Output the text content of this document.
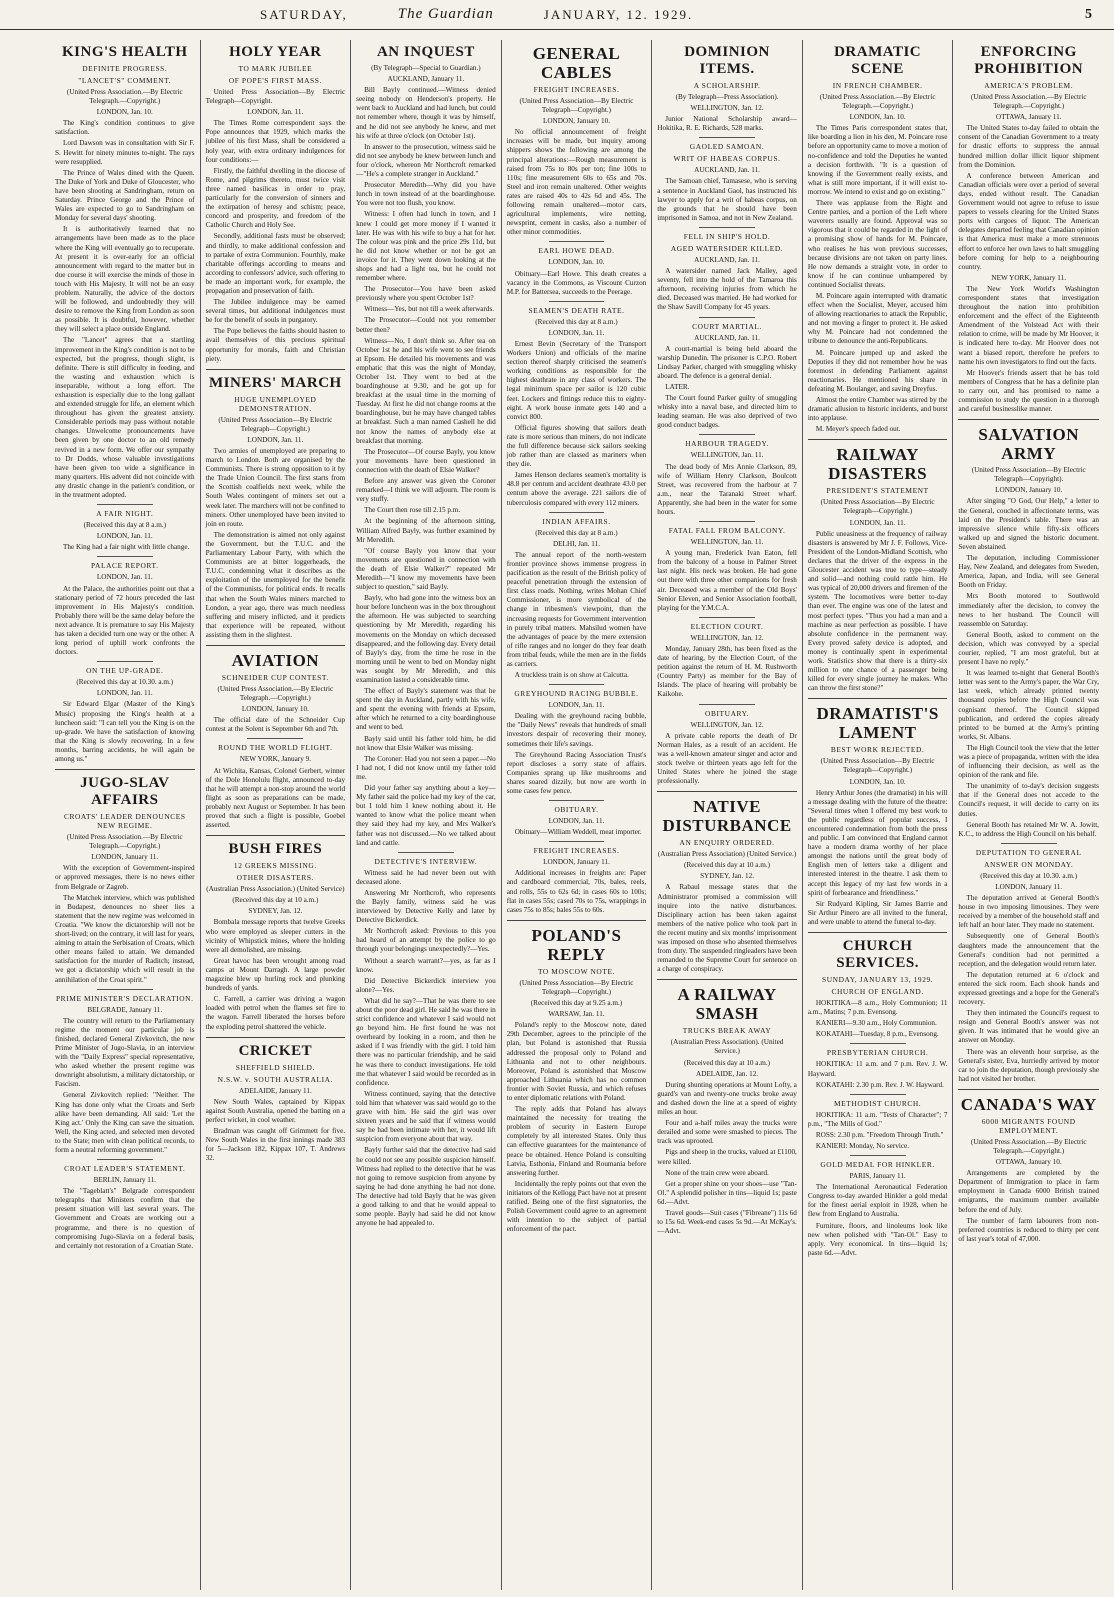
SATURDAY,	The Guardian	JANUARY, 12. 1929.	5
KING'S HEALTH
DEFINITE PROGRESS.
"LANCET'S" COMMENT.

(United Press Association.—By Electric Telegraph.—Copyright.)

LONDON, Jan. 10.

The King's condition continues to give satisfaction.

Lord Dawson was in consultation with Sir F. S. Hewitt for ninety minutes to-night. The rays were resupplied.

The Prince of Wales dined with the Queen. The Duke of York and Duke of Gloucester, who have been shooting at Sandringham, return on Saturday. Prince George and the Prince of Wales are expected to go to Sandringham on Monday for several days' shooting.

It is authoritatively learned that no arrangements have been made as to the place where the King will eventually go to recuperate. At present it is over-early for an official announcement with regard to the matter but in due course it will exercise the minds of those in touch with His Majesty. It will not be an easy problem. Naturally, the advice of the doctors will be followed, and undoubtedly they will desire to remove the King from London as soon as possible. It is doubtful, however, whether they will select a place outside England.

The "Lancet" agrees that a startling improvement in the King's condition is not to be expected, but the progress, though slight, is definite. There is still difficulty in feeding, and the wasting and exhaustion which is inseparable, without a long effort. The exhaustion is especially due to the long gallant and extended struggle for life, an element which throughout has given the greatest anxiety. Considerable periods may pass without notable changes. Unwelcome pronouncements have been given by one doctor to an old remedy revived in a new form. We offer our sympathy to Dr Dodds, whose valuable investigations have been given too wide a significance in many quarters. His advent did not coincide with any drastic change in the patient's condition, or in the treatment adopted.

A FAIR NIGHT.

(Received this day at 8 a.m.)

LONDON, Jan. 11.

The King had a fair night with little change.

PALACE REPORT.

LONDON, Jan. 11.

At the Palace, the authorities point out that a stationary period of 72 hours preceded the last improvement in His Majesty's condition. Probably there will be the same delay before the next advance. It is premature to say His Majesty has taken a decided turn one way or the other. A long period of uphill work confronts the doctors.

ON THE UP-GRADE.

(Received this day at 10.30. a.m.)

LONDON, Jan. 11.

Sir Edward Elgar (Master of the King's Music) proposing the King's health at a luncheon said: "I can tell you the King is on the up-grade. We have the satisfaction of knowing that the King is slowly recovering. In a few months, barring accidents, he will again be among us."

JUGO-SLAV AFFAIRS
CROATS' LEADER DENOUNCES NEW REGIME.

(United Press Association.—By Electric Telegraph.—Copyright.)

LONDON, January 11.

With the exception of Government-inspired or approved messages, there is no news either from Belgrade or Zagreb.

The Matchek interview, which was published in Budapest, denounces no sheer lies a statement that the new regime was welcomed in Croatia. "We know the dictatorship will not be short-lived; on the contrary, it will last for years, aiming to attain the Serbisation of Croats, which other means failed to attain. We demanded satisfaction for the murder of Raditch; instead, we got a dictatorship which will result in the annihilation of the Croat spirit."

PRIME MINISTER'S DECLARATION.

BELGRADE, January 11.

The country will return to the Parliamentary regime the moment our particular job is finished, declared General Zivkovitch, the new Prime Minister of Jugo-Slavia, in an interview with the "Daily Express" special representative, who asked whether the present regime was downright absolutism, a military dictatorship, or Fascism.

General Zivkovitch replied: "Neither. The King has done only what the Croats and Serb alike have been demanding. All said: 'Let the King act.' Only the King can save the situation. Well, the King acted, and selected men devoted to the State; men with clean political records, to form a neutral reforming government."

CROAT LEADER'S STATEMENT.

BERLIN, January 11.

The "Tageblatt's" Belgrade correspondent telegraphs that Ministers confirm that the present situation will last several years. The Government and Croats are working out a programme, and there is no question of compromising Jugo-Slavia on a federal basis, and certainly not restoration of a Croatian State.

HOLY YEAR
TO MARK JUBILEE
OF POPE'S FIRST MASS.

United Press Association—By Electric Telegraph—Copyright.

LONDON, Jan. 11.

The Times Rome correspondent says the Pope announces that 1929, which marks the jubilee of his first Mass, shall be considered a holy year, with extra ordinary indulgences for four conditions:—

Firstly, the faithful dwelling in the diocese of Rome, and pilgrims thereto, must twice visit three named basilicas in order to pray, particularly for the conversion of sinners and the extirpation of heresy and schism; peace, concord and prosperity, and freedom of the Catholic Church and Holy See.

Secondly, additional fasts must be observed; and thirdly, to make additional confession and to partake of extra Communion. Fourthly, make charitable offerings according to means and according to confessors' advice, such offering to be made an important work, for example, the propagation and preservation of faith.

The Jubilee indulgence may be earned several times, but additional indulgences must be for the benefit of souls in purgatory.

The Pope believes the faiths should hasten to avail themselves of this precious spiritual opportunity for morals, faith and Christian piety.

MINERS' MARCH
HUGE UNEMPLOYED DEMONSTRATION.

(United Press Association—By Electric Telegraph—Copyright.)

LONDON, Jan. 11.

Two armies of unemployed are preparing to march to London. Both are organised by the Communists. There is strong opposition to it by the Trade Union Council. The first starts from the Scottish coalfields next week, while the South Wales contingent of miners set out a week later. The marchers will not be confined to miners. Other unemployed have been invited to join en route.

The demonstration is aimed not only against the Government, but the T.U.C. and the Parliamentary Labour Party, with which the Communists are at bitter loggerheads, the T.U.C. condemning what it describes as the exploitation of the unemployed for the benefit of the Communists, for political ends. It recalls that when the South Wales miners marched to London, a year ago, there was much needless suffering and misery inflicted, and it predicts that experience will be repeated, without assisting them in the slightest.

AVIATION
SCHNEIDER CUP CONTEST.

(United Press Association.—By Electric Telegraph.—Copyright.)

LONDON, January 10.

The official date of the Schneider Cup contest at the Solent is September 6th and 7th.

ROUND THE WORLD FLIGHT.

NEW YORK, January 9.

At Wichita, Kansas, Colonel Gerbert, winner of the Dole Honolulu flight, announced to-day that he will attempt a non-stop around the world flight as soon as preparations can be made, probably next August or September. It has been proved that such a flight is possible, Goebel asserted.

BUSH FIRES
12 GREEKS MISSING.
OTHER DISASTERS.

(Australian Press Association.) (United Service)

(Received this day at 10 a.m.)

SYDNEY, Jan. 12.

Bombala message reports that twelve Greeks who were employed as sleeper cutters in the vicinity of Whipstick mines, where the holding were all demolished, are missing.

Great havoc has been wrought among road camps at Mount Darragh. A large powder magazine blew up hurling rock and plunking hundreds of yards.

C. Farrell, a carrier was driving a wagon loaded with petrol when the flames set fire to the wagon. Farrell liberated the horses before the exploding petrol shattered the vehicle.

CRICKET
SHEFFIELD SHIELD.
N.S.W. v. SOUTH AUSTRALIA.

ADELAIDE, January 11.

New South Wales, captained by Kippax against South Australia, opened the batting on a perfect wicket, in cool weather.

Bradman was caught off Grimmett for five. New South Wales in the first innings made 383 for 5—Jackson 182, Kippax 107, T. Andrews 32.

AN INQUEST

(By Telegraph—Special to Guardian.)

AUCKLAND, January 11.

Bill Bayly continued.—Witness denied seeing nobody on Henderson's property. He went back to Auckland and had lunch, but could not remember where, though it was by himself, and he did not see anybody he knew, and met his wife at three o'clock (on October 1st).

In answer to the prosecution, witness said he did not see anybody he knew between lunch and four o'clock, whereon Mr Northcroft remarked—"He's a complete stranger in Auckland."

Prosecutor Meredith—Why did you have lunch in town instead of at the boardinghouse. You were not too flush, you know.

Witness: I often had lunch in town, and I knew I could get more money if I wanted it later. He was with his wife to buy a hat for her. The colour was pink and the price 29s 11d, but he did not know whether or not he got an invoice for it. They went down looking at the shops and had a light tea, but he could not remember where.

The Prosecutor—You have been asked previously where you spent October 1st?

Witness—Yes, but not till a week afterwards.

The Prosecutor—Could not you remember better then?

Witness—No, I don't think so. After tea on October 1st he and his wife went to see friends at Epsom. He detailed his movements and was emphatic that this was the night of Monday, October 1st. They went to bed at the boardinghouse at 9.30, and he got up for breakfast at the usual time in the morning of Tuesday. At first he did not change rooms at the boardinghouse, but he may have changed tables at breakfast. Such a man named Cashell he did not know the names of anybody else at breakfast that morning.

The Prosecutor—Of course Bayly, you know your movements have been questioned in connection with the death of Elsie Walker?

Before any answer was given the Coroner remarked—I think we will adjourn. The room is very stuffy.

The Court then rose till 2.15 p.m.

At the beginning of the afternoon sitting, William Alfred Bayly, was further examined by Mr Meredith.

"Of course Bayly you know that your movements are questioned in connection with the death of Elsie Walker?" repeated Mr Meredith—"I know my movements have been subject to question," said Bayly.

Bayly, who had gone into the witness box an hour before luncheon was in the box throughout the afternoon. He was subjected to searching questioning by Mr Meredith, regarding his movements on the Monday on which deceased disappeared, and the following day. Every detail of Bayly's day, from the time he rose in the morning until he went to bed on Monday night was sought by Mr Meredith, and this examination lasted a considerable time.

The effect of Bayly's statement was that he spent the day in Auckland, partly with his wife, and spent the evening with friends at Epsom, after which he returned to a city boardinghouse and went to bed.

Bayly said until his father told him, he did not know that Elsie Walker was missing.

The Coroner: Had you not seen a paper.—No I had not, I did not know until my father told me.

Did your father say anything about a key—My father said the police had my key of the car, but I told him I knew nothing about it. He wanted to know what the police meant when they said they had my key, and Mrs Walker's father was not discussed.—No we talked about land and cattle.

DETECTIVE'S INTERVIEW.

Witness said he had never been out with deceased alone.

Answering Mr Northcroft, who represents the Bayly family, witness said he was interviewed by Detective Kelly and later by Detective Bickerdick.

Mr Northcroft asked: Previous to this you had heard of an attempt by the police to go through your belongings unexpectedly?—Yes.

Without a search warrant?—yes, as far as I know.

Did Detective Bickerdick interview you alone?—Yes.

What did he say?—That he was there to see about the poor dead girl. He said he was there in strict confidence and whatever I said would not go beyond him. He first found he was not overheard by looking in a room, and then he asked if I was friendly with the girl. I told him there was no particular friendship, and he said he was there to conduct investigations. He told me that whatever I said would be recorded as in confidence.

Witness continued, saying that the detective told him that whatever was said would go to the grave with him. He said the girl was over sixteen years and he said that if witness would say he had been intimate with her, it would lift suspicion from everyone about that way.

Bayly further said that the detective had said he could not see any possible suspicion himself. Witness had replied to the detective that he was not going to remove suspicion from anyone by saying he had done anything he had not done. The detective had told Bayly that he was given a good talking to and that he would appeal to some people. Bayly had said he did not know anyone he had appealed to.

GENERAL CABLES
FREIGHT INCREASES.

(United Press Association—By Electric Telegraph—Copyright.)

LONDON, January 10.

No official announcement of freight increases will be made, but inquiry among shippers shows the following are among the principal alterations:—Rough measurement is raised from 75s to 80s per ton; fine 100s to 110s; fine measurement 60s to 65s and 70s. Steel and iron remain unaltered. Other weights rates are raised 40s to 42s 6d and 45s. The following remain unaltered—motor cars, agricultural implements, wire netting, newsprint, cement in casks, also a number of other minor commodities.

EARL HOWE DEAD.

LONDON, Jan. 10.

Obituary—Earl Howe. This death creates a vacancy in the Commons, as Viscount Curzon M.P. for Battersea, succeeds to the Peerage.

SEAMEN'S DEATH RATE.

(Received this day at 8 a.m.)

LONDON, Jan. 11.

Ernest Bevin (Secretary of the Transport Workers Union) and officials of the marine section thereof sharply criticised the seamen's working conditions as responsible for the highest deathrate in any class of workers. The legal minimum space per sailor is 120 cubic feet. Lockers and fittings reduce this to eighty-eight. A work house inmate gets 140 and a convict 800.

Official figures showing that sailors death rate is more serious than miners, do not indicate the full difference because sick sailors seeking job rather than are classed as mariners when they die.

James Henson declares seamen's mortality is 48.8 per centum and accident deathrate 43.0 per centum above the average. 221 sailors die of tuberculosis compared with every 112 miners.

INDIAN AFFAIRS.

(Received this day at 8 a.m.)

DELHI, Jan. 11.

The annual report of the north-western frontier province shows immense progress in pacification as the result of the British policy of peaceful penetration through the extension of first class roads. Nothing, writes Mohan Chief Commissioner, is more symbolical of the change in tribesmen's viewpoint, than the increasing requests for Government intervention in purely tribal matters. Mahsilud women have the advantages of peace by the mere extension of rifle ranges and no longer do they fear death from tribal feuds, while the men are in the fields as carriers.

A truckless train is on show at Calcutta.

GREYHOUND RACING BUBBLE.

LONDON, Jan. 11.

Dealing with the greyhound racing bubble, the "Daily News" reveals that hundreds of small investors despair of recovering their money, sometimes their life's savings.

The Greyhound Racing Association Trust's report discloses a sorry state of affairs. Companies sprang up like mushrooms and shares soared dizzily, but now are worth in some cases few pence.

OBITUARY.

LONDON, Jan. 11.

Obituary—William Weddell, meat importer.

FREIGHT INCREASES.

LONDON, January 11.

Additional increases in freights are: Paper and cardboard commercial, 70s, bales, reels, and rolls, 55s to 62s 6d; in cases 60s to 100s; flat in cases 55s; cased 70s to 75s, wrappings in cases 75s to 85s; bales 55s to 60s.

POLAND'S REPLY
TO MOSCOW NOTE.

(United Press Association—By Electric Telegraph—Copyright.)

(Received this day at 9.25 a.m.)

WARSAW, Jan. 11.

Poland's reply to the Moscow note, dated 29th December, agrees to the principle of the plan, but Poland is astonished that Russia addressed the proposal only to Poland and Lithuania and not to other neighbours. Moreover, Poland is astonished that Moscow approached Lithuania which has no common frontier with Soviet Russia, and which refuses to enter diplomatic relations with Poland.

The reply adds that Poland has always maintained the necessity for treating the problem of security in Eastern Europe completely by all interested States. Only thus can effective guarantees for the maintenance of peace be obtained. Hence Poland is consulting Latvia, Esthonia, Finland and Roumania before answering further.

Incidentally the reply points out that even the initiators of the Kellogg Pact have not at present ratified. Being one of the first signatories, the Polish Government could agree to an agreement with intention to the subject of partial enforcement of the pact.

DOMINION ITEMS.
A SCHOLARSHIP.

(By Telegraph—Press Association).

WELLINGTON, Jan. 12.

Junior National Scholarship award—Hokitika, R. E. Richards, 528 marks.

GAOLED SAMOAN.
WRIT OF HABEAS CORPUS.

AUCKLAND, Jan. 11.

The Samoan chief, Tamasese, who is serving a sentence in Auckland Gaol, has instructed his lawyer to apply for a writ of habeas corpus, on the grounds that he should have been imprisoned in Samoa, and not in New Zealand.

FELL IN SHIP'S HOLD.
AGED WATERSIDER KILLED.

AUCKLAND, Jan. 11.

A watersider named Jack Malley, aged seventy, fell into the hold of the Tamaroa this afternoon, receiving injuries from which he died. Deceased was married. He had worked for the Shaw Savill Company for 45 years.

COURT MARTIAL.

AUCKLAND, Jan. 11.

A court-martial is being held aboard the warship Dunedin. The prisoner is C.P.O. Robert Lindsay Parker, charged with smuggling whisky aboard. The defence is a general denial.

LATER.

The Court found Parker guilty of smuggling whisky into a naval base, and directed him to leading seaman. He was also deprived of two good conduct badges.

HARBOUR TRAGEDY.

WELLINGTON, Jan. 11.

The dead body of Mrs Annie Clarkson, 89, wife of William Henry Clarkson, Boulcott Street, was recovered from the harbour at 7 a.m., near the Taranaki Street wharf. Apparently, she had been in the water for some hours.

FATAL FALL FROM BALCONY.

WELLINGTON, Jan. 11.

A young man, Frederick Ivan Eaton, fell from the balcony of a house in Palmer Street last night. His neck was broken. He had gone out there with three other companions for fresh air. Deceased was a member of the Old Boys' Senior Eleven, and Senior Association football, playing for the Y.M.C.A.

ELECTION COURT.

WELLINGTON, Jan. 12.

Monday, January 28th, has been fixed as the date of hearing, by the Election Court, of the petition against the return of H. M. Rushworth (Country Party) as member for the Bay of Islands. The place of hearing will probably be Kaikohe.

OBITUARY.

WELLINGTON, Jan. 12.

A private cable reports the death of Dr Norman Hales, as a result of an accident. He was a well-known amateur singer and actor and stock twelve or thirteen years ago left for the United States where he joined the stage professionally.

NATIVE DISTURBANCE
AN ENQUIRY ORDERED.

(Australian Press Association) (United Service.)

(Received this day at 10 a.m.)

SYDNEY, Jan. 12.

A Rabaul message states that the Administrator promised a commission will inquire into the native disturbances. Disciplinary action has been taken against members of the native police who took part in the recent mutiny and six months' imprisonment was imposed on those who absented themselves from duty. The suspended ringleaders have been remanded to the Supreme Court for sentence on a charge of conspiracy.

A RAILWAY SMASH
TRUCKS BREAK AWAY

(Australian Press Association). (United Service.)

(Received this day at 10 a.m.)

ADELAIDE, Jan. 12.

During shunting operations at Mount Lofty, a guard's van and twenty-one trucks broke away and dashed down the line at a speed of eighty miles an hour.

Four and a-half miles away the trucks were derailed and some were smashed to pieces. The track was uprooted.

Pigs and sheep in the trucks, valued at £1100, were killed.

None of the train crew were aboard.

Get a proper shine on your shoes—use "Tan-Ol." A splendid polisher in tins—liquid 1s; paste 6d.—Advt.

Travel goods—Suit cases ("Fibreane") 11s 6d to 15s 6d. Week-end cases 5s 9d.—At McKay's.—Advt.

DRAMATIC SCENE
IN FRENCH CHAMBER.

(United Press Association.—By Electric Telegraph.—Copyright.)

LONDON, Jan. 10.

The Times Paris correspondent states that, like boarding a lion in his den, M. Poincare rose before an opportunity came to move a motion of no-confidence and told the Deputies he wanted a decision forthwith. "It is a question of knowing if the Government really exists, and what is still more important, if it will exist to-morrow. We intend to exist and go on existing."

There was applause from the Right and Centre parties, and a portion of the Left where waverers usually are found. Approval was so vigorous that it could be regarded in the light of a promising show of hands for M. Poincare, who realises he has won previous successes, because divisions are not taken on party lines. He now demands a straight vote, in order to know if he can continue unhampered by continued Socialist threats.

M. Poincare again interrupted with dramatic effect when the Socialist, Meyer, accused him of allowing reactionaries to attack the Republic, and not moving a finger to protect it. He asked why M. Poincare had not condemned the tribune to denounce the anti-Republicans.

M. Poincare jumped up and asked the Deputies if they did not remember how he was foremost in defending Parliament against reactionaries. He mentioned his share in defeating M. Boulanger, and saving Dreyfus.

Almost the entire Chamber was stirred by the dramatic allusion to historic incidents, and burst into applause.

M. Meyer's speech faded out.

RAILWAY DISASTERS
PRESIDENT'S STATEMENT

(United Press Association—By Electric Telegraph—Copyright.)

LONDON, Jan. 11.

Public uneasiness at the frequency of railway disasters is answered by Mr J. F. Follows, Vice-President of the London-Midland Scottish, who declares that the driver of the express in the Gloucester accident was true to type—steady and solid—and nothing could rattle him. He was typical of 20,000 drivers and firemen of the system. The locomotives were better to-day than ever. The engine was one of the latest and most perfect types. "Thus you had a man and a machine as near perfection as possible. I have absolute confidence in the permanent way. Every proved safety device is adopted, and money is continually spent in experimental work. Statistics show that there is a thirty-six million to one chance of a passenger being killed for every single journey he makes. Who can throw the first stone?"

DRAMATIST'S LAMENT
BEST WORK REJECTED.

(United Press Association—By Electric Telegraph—Copyright.)

LONDON, Jan. 10.

Henry Arthur Jones (the dramatist) in his will a message dealing with the future of the theatre: "Several times when I offered my best work to the public regardless of popular success, I encountered condemnation from both the press and public. I am convinced that England cannot have a modern drama worthy of her place amongst the nations until the great body of English men of letters take a diligent and interested interest in the theatre. I ask them to accept this legacy of my last few words in a spirit of forbearance and friendliness."

Sir Rudyard Kipling, Sir James Barrie and Sir Arthur Pinero are all invited to the funeral, and were unable to attend the funeral to-day.

CHURCH SERVICES.
SUNDAY, JANUARY 13, 1929.
CHURCH OF ENGLAND.

HOKITIKA—8 a.m., Holy Communion; 11 a.m., Matins; 7 p.m. Evensong.

KANIERI—9.30 a.m., Holy Communion.

KOKATAHI—Tuesday, 8 p.m., Evensong.

PRESBYTERIAN CHURCH.

HOKITIKA: 11 a.m. and 7 p.m. Rev. J. W. Hayward.

KOKATAHI: 2.30 p.m. Rev. J. W. Hayward.

METHODIST CHURCH.

HOKITIKA: 11 a.m. "Tests of Character"; 7 p.m., "The Mills of God."

ROSS: 2.30 p.m. "Freedom Through Truth."

KANIERI: Monday, No service.

GOLD MEDAL FOR HINKLER.

PARIS, January 11.

The International Aeronautical Federation Congress to-day awarded Hinkler a gold medal for the finest aerial exploit in 1928, when he flew from England to Australia.

Furniture, floors, and linoleums look like new when polished with "Tan-Ol." Easy to apply. Very economical. In tins—liquid 1s; paste 6d.—Advt.

ENFORCING PROHIBITION
AMERICA'S PROBLEM.

(United Press Association.—By Electric Telegraph.—Copyright.)

OTTAWA, January 11.

The United States to-day failed to obtain the consent of the Canadian Government to a treaty for drastic efforts to suppress the annual hundred million dollar illicit liquor shipment from the Dominion.

A conference between American and Canadian officials were over a period of several days, ended without result. The Canadian Government would not agree to refuse to issue papers to vessels clearing for the United States ports with cargoes of liquor. The American delegates departed feeling that Canadian opinion is that America must make a more strenuous effort to enforce her own laws to halt smuggling before coming for help to a neighbouring country.

NEW YORK, January 11.

The New York World's Washington correspondent states that investigation throughout the nation into prohibition enforcement and the effect of the Eighteenth Amendment of the Volstead Act with their relation to crime, will be made by Mr Hoover, it is indicated here to-day. Mr Hoover does not want a biased report, therefore he prefers to name his own investigators to find out the facts.

Mr Hoover's friends assert that he has told members of Congress that he has a definite plan to carry out, and has promised to name a commission to study the question in a thorough and careful businesslike manner.

SALVATION ARMY

(United Press Association—By Electric Telegraph—Copyright).

LONDON, January 10.

After singing "O God, Our Help," a letter to the General, couched in affectionate terms, was laid on the President's table. There was an impressive silence while fifty-six officers walked up and signed the historic document. Seven abstained.

The deputation, including Commissioner Hay, New Zealand, and delegates from Sweden, America, Japan, and India, will see General Booth on Friday.

Mrs Booth motored to Southwold immediately after the decision, to convey the news to her husband. The Council will reassemble on Saturday.

General Booth, asked to comment on the decision, which was conveyed by a special courier, replied, "I am most grateful, but at present I have no reply."

It was learned to-night that General Booth's letter was sent to the Army's paper, the War Cry, last week, which already printed twenty thousand copies before the High Council was cognisant thereof. The Council skipped publication, and ordered the copies already printed to be burned at the Army's printing works, St. Albans.

The High Council took the view that the letter was a piece of propaganda, written with the idea of influencing their decision, as well as the opinion of the rank and file.

The unanimity of to-day's decision suggests that if the General does not accede to the Council's request, it will decide to carry on its duties.

General Booth has retained Mr W. A. Jowitt, K.C., to address the High Council on his behalf.

DEPUTATION TO GENERAL
ANSWER ON MONDAY.

(Received this day at 10.30. a.m.)

LONDON, January 11.

The deputation arrived at General Booth's house in two imposing limousines. They were received by a member of the household staff and left half an hour later. They made no statement.

Subsequently one of General Booth's daughters made the announcement that the General's condition had not permitted a reception, and the delegation would return later.

The deputation returned at 6 o'clock and entered the sick room. Each shook hands and expressed greetings and a hope for the General's recovery.

They then intimated the Council's request to resign and General Booth's answer was not given. It was intimated that he would give an answer on Monday.

There was an eleventh hour surprise, as the General's sister, Eva, hurriedly arrived by motor car to join the deputation, though previously she had not visited her brother.

CANADA'S WAY
6000 MIGRANTS FOUND EMPLOYMENT.

(United Press Association.—By Electric Telegraph.—Copyright.)

OTTAWA, January 10.

Arrangements are completed by the Department of Immigration to place in farm employment in Canada 6000 British trained emigrants, the maximum number available before the end of July.

The number of farm labourers from non-preferred countries is reduced to thirty per cent of last year's total of 47,000.
